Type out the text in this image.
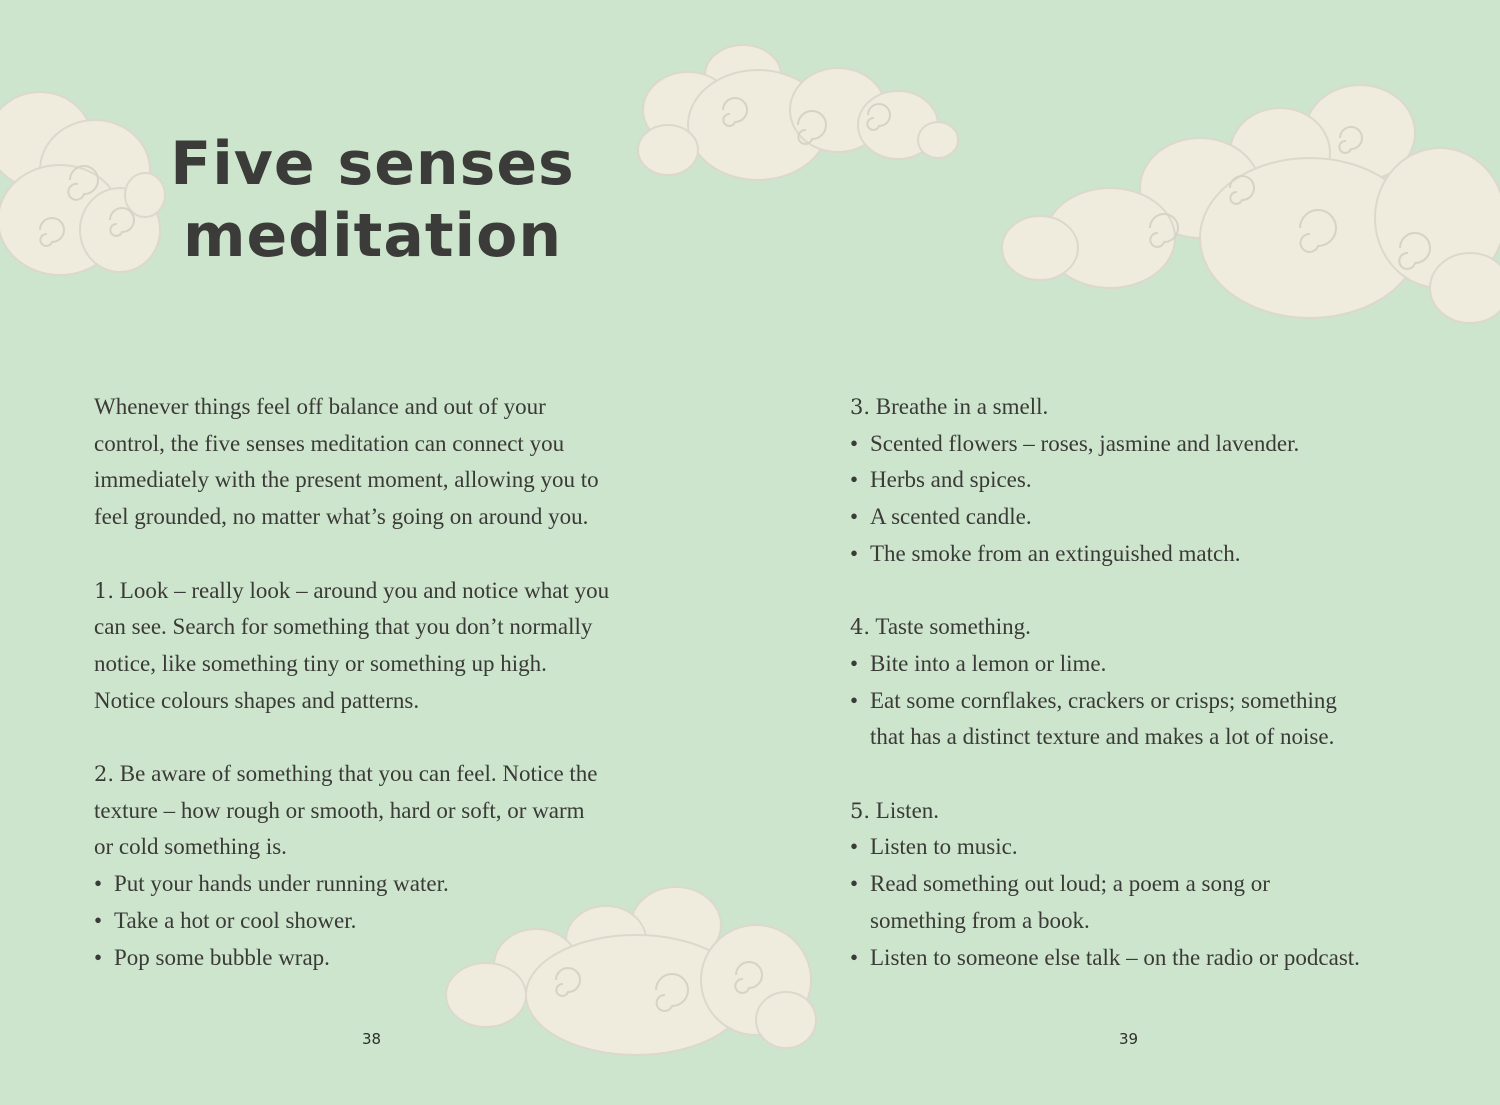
Five senses
meditation

Whenever things feel off balance and out of your
control, the five senses meditation can connect you
immediately with the present moment, allowing you to
feel grounded, no matter what’s going on around you.

1. Look – really look – around you and notice what you
can see. Search for something that you don’t normally
notice, like something tiny or something up high.
Notice colours shapes and patterns.

2. Be aware of something that you can feel. Notice the
texture – how rough or smooth, hard or soft, or warm
or cold something is.

• Put your hands under running water.
• Take a hot or cool shower.
• Pop some bubble wrap.
38

3. Breathe in a smell.

• Scented flowers – roses, jasmine and lavender.
• Herbs and spices.
• A scented candle.
• The smoke from an extinguished match.

4. Taste something.

• Bite into a lemon or lime.
• Eat some cornflakes, crackers or crisps; something
that has a distinct texture and makes a lot of noise.

5. Listen.

• Listen to music.
• Read something out loud; a poem a song or
something from a book.
• Listen to someone else talk – on the radio or podcast.
39
